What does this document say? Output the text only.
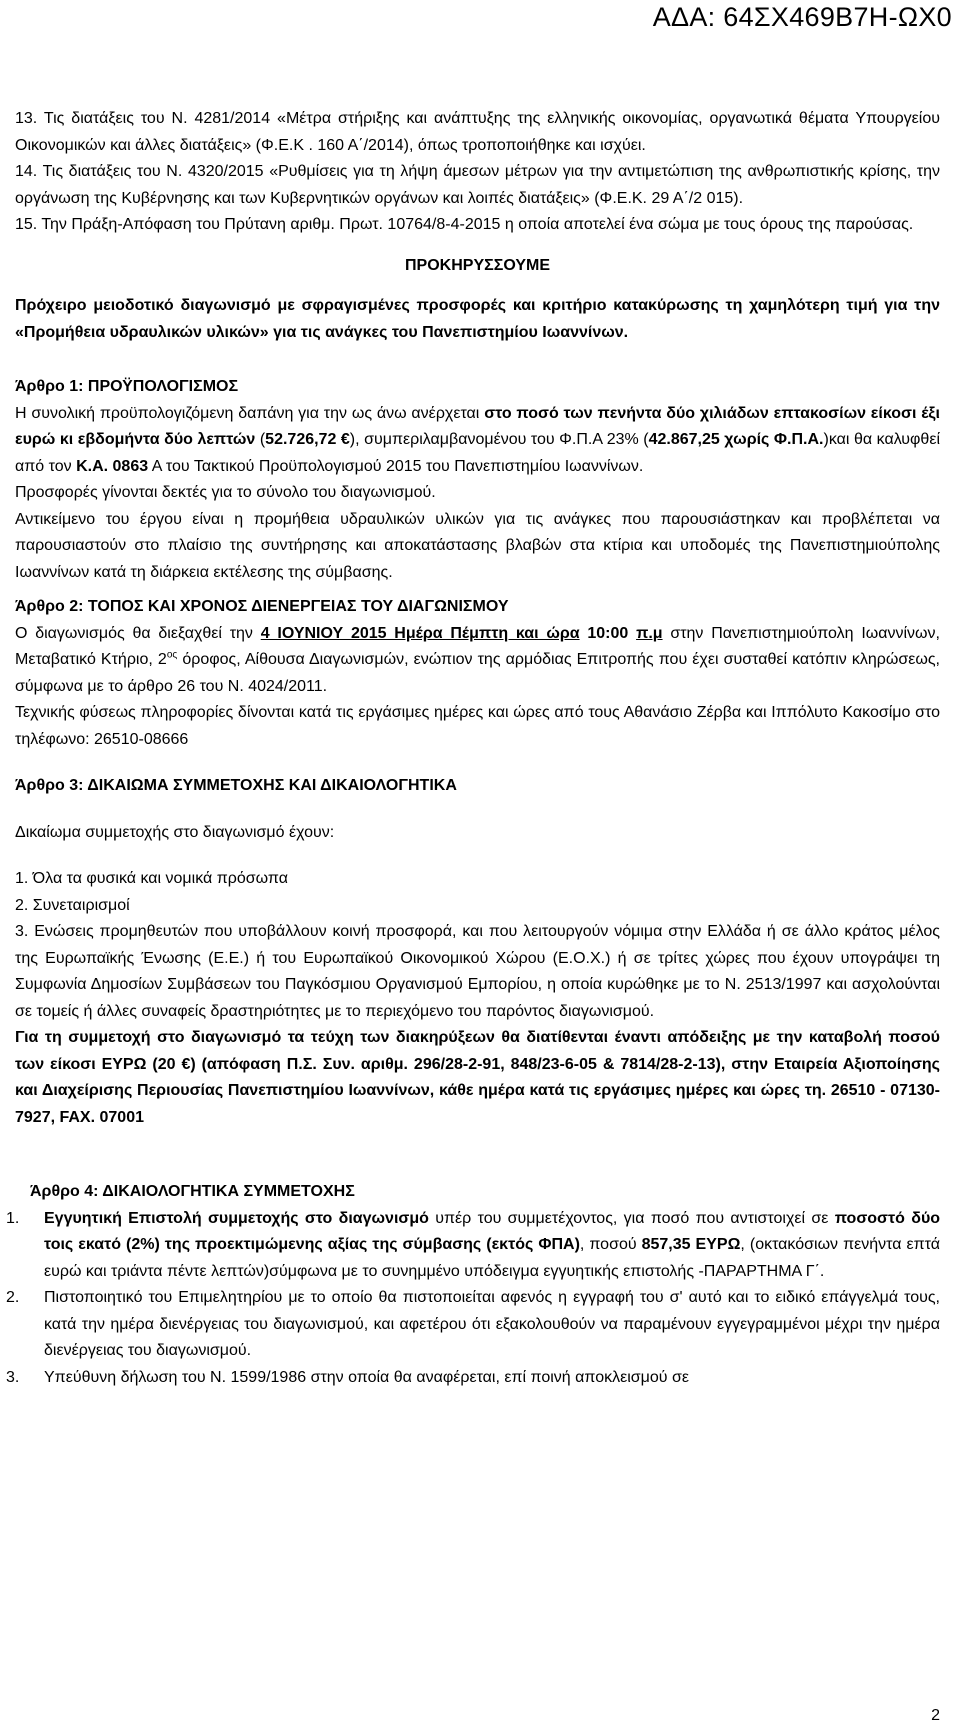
ΑΔΑ: 64ΣΧ469Β7Η-ΩΧ0

13. Τις διατάξεις του Ν. 4281/2014 «Μέτρα στήριξης και ανάπτυξης της ελληνικής οικονομίας, οργανωτικά θέματα Υπουργείου Οικονομικών και άλλες διατάξεις» (Φ.Ε.Κ . 160 Α΄/2014), όπως τροποποιήθηκε και ισχύει.

14. Τις διατάξεις του Ν. 4320/2015 «Ρυθμίσεις για τη λήψη άμεσων μέτρων για την αντιμετώπιση της ανθρωπιστικής κρίσης, την οργάνωση της Κυβέρνησης και των Κυβερνητικών οργάνων και λοιπές διατάξεις» (Φ.Ε.Κ. 29 Α΄/2 015).

15. Την Πράξη-Απόφαση του Πρύτανη αριθμ. Πρωτ. 10764/8-4-2015 η οποία αποτελεί ένα σώμα με τους όρους της παρούσας.

ΠΡΟΚΗΡΥΣΣΟΥΜΕ

Πρόχειρο μειοδοτικό διαγωνισμό με σφραγισμένες προσφορές και κριτήριο κατακύρωσης τη χαμηλότερη τιμή για την «Προμήθεια υδραυλικών υλικών» για τις ανάγκες του Πανεπιστημίου Ιωαννίνων.

Άρθρο 1: ΠΡΟΫΠΟΛΟΓΙΣΜΟΣ

Η συνολική προϋπολογιζόμενη δαπάνη για την ως άνω ανέρχεται στο ποσό των πενήντα δύο χιλιάδων επτακοσίων είκοσι έξι ευρώ κι εβδομήντα δύο λεπτών (52.726,72 €), συμπεριλαμβανομένου του Φ.Π.Α 23% (42.867,25 χωρίς Φ.Π.Α.)και θα καλυφθεί από τον Κ.Α. 0863 Α του Τακτικού Προϋπολογισμού 2015 του Πανεπιστημίου Ιωαννίνων.

Προσφορές γίνονται δεκτές για το σύνολο του διαγωνισμού.

Αντικείμενο του έργου είναι η προμήθεια υδραυλικών υλικών για τις ανάγκες που παρουσιάστηκαν και προβλέπεται να παρουσιαστούν στο πλαίσιο της συντήρησης και αποκατάστασης βλαβών στα κτίρια και υποδομές της Πανεπιστημιούπολης Ιωαννίνων κατά τη διάρκεια εκτέλεσης της σύμβασης.

Άρθρο 2: ΤΟΠΟΣ ΚΑΙ ΧΡΟΝΟΣ ΔΙΕΝΕΡΓΕΙΑΣ ΤΟΥ ΔΙΑΓΩΝΙΣΜΟΥ

Ο διαγωνισμός θα διεξαχθεί την 4 ΙΟΥΝΙΟΥ 2015 Ημέρα Πέμπτη και ώρα 10:00 π.μ στην Πανεπιστημιούπολη Ιωαννίνων, Μεταβατικό Κτήριο, $2^{o\varsigma}$ όροφος, Αίθουσα Διαγωνισμών, ενώπιον της αρμόδιας Επιτροπής που έχει συσταθεί κατόπιν κληρώσεως, σύμφωνα με το άρθρο 26 του Ν. 4024/2011.

Τεχνικής φύσεως πληροφορίες δίνονται κατά τις εργάσιμες ημέρες και ώρες από τους Αθανάσιο Ζέρβα και Ιππόλυτο Κακοσίμο στο τηλέφωνο: 26510-08666

Άρθρο 3: ΔΙΚΑΙΩΜΑ ΣΥΜΜΕΤΟΧΗΣ ΚΑΙ ΔΙΚΑΙΟΛΟΓΗΤΙΚΑ

Δικαίωμα συμμετοχής στο διαγωνισμό έχουν:

1. Όλα τα φυσικά και νομικά πρόσωπα

2. Συνεταιρισμοί

3. Ενώσεις προμηθευτών που υποβάλλουν κοινή προσφορά, και που λειτουργούν νόμιμα στην Ελλάδα ή σε άλλο κράτος μέλος της Ευρωπαϊκής Ένωσης (Ε.Ε.) ή του Ευρωπαϊκού Οικονομικού Χώρου (Ε.Ο.Χ.) ή σε τρίτες χώρες που έχουν υπογράψει τη Συμφωνία Δημοσίων Συμβάσεων του Παγκόσμιου Οργανισμού Εμπορίου, η οποία κυρώθηκε με το Ν. 2513/1997 και ασχολούνται σε τομείς ή άλλες συναφείς δραστηριότητες με το περιεχόμενο του παρόντος διαγωνισμού.

Για τη συμμετοχή στο διαγωνισμό τα τεύχη των διακηρύξεων θα διατίθενται έναντι απόδειξης με την καταβολή ποσού των είκοσι ΕΥΡΩ (20 €) (απόφαση Π.Σ. Συν. αριθμ. 296/28-2-91, 848/23-6-05 & 7814/28-2-13), στην Εταιρεία Αξιοποίησης και Διαχείρισης Περιουσίας Πανεπιστημίου Ιωαννίνων, κάθε ημέρα κατά τις εργάσιμες ημέρες και ώρες τη. 26510 - 07130-7927, FAX. 07001

Άρθρο 4: ΔΙΚΑΙΟΛΟΓΗΤΙΚΑ ΣΥΜΜΕΤΟΧΗΣ

1. Εγγυητική Επιστολή συμμετοχής στο διαγωνισμό υπέρ του συμμετέχοντος, για ποσό που αντιστοιχεί σε ποσοστό δύο τοις εκατό (2%) της προεκτιμώμενης αξίας της σύμβασης (εκτός ΦΠΑ), ποσού 857,35 ΕΥΡΩ, (οκτακόσιων πενήντα επτά ευρώ και τριάντα πέντε λεπτών)σύμφωνα με το συνημμένο υπόδειγμα εγγυητικής επιστολής -ΠΑΡΑΡΤΗΜΑ Γ΄.
2. Πιστοποιητικό του Επιμελητηρίου με το οποίο θα πιστοποιείται αφενός η εγγραφή του σ' αυτό και το ειδικό επάγγελμά τους, κατά την ημέρα διενέργειας του διαγωνισμού, και αφετέρου ότι εξακολουθούν να παραμένουν εγγεγραμμένοι μέχρι την ημέρα διενέργειας του διαγωνισμού.
3. Υπεύθυνη δήλωση του Ν. 1599/1986 στην οποία θα αναφέρεται, επί ποινή αποκλεισμού σε
2
